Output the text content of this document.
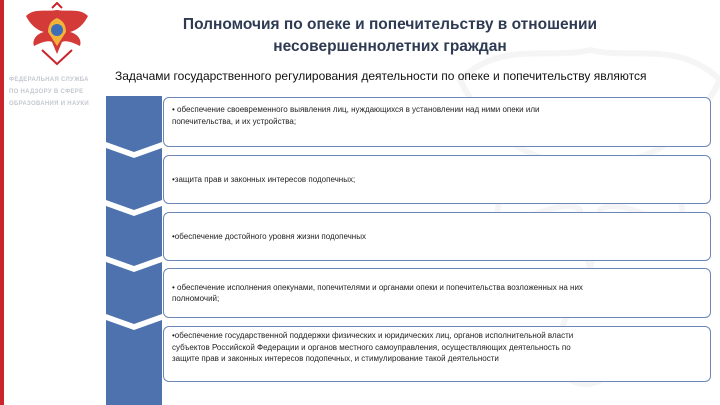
ФЕДЕРАЛЬНАЯ СЛУЖБА
ПО НАДЗОРУ В СФЕРЕ
ОБРАЗОВАНИЯ И НАУКИ
Полномочия по опеке и попечительству в отношении
несовершеннолетних граждан
Задачами государственного регулирования деятельности по опеке и попечительству являются
• обеспечение своевременного выявления лиц, нуждающихся в установлении над ними опеки или
попечительства, и их устройства;
•защита прав и законных интересов подопечных;
•обеспечение достойного уровня жизни подопечных
• обеспечение исполнения опекунами, попечителями и органами опеки и попечительства возложенных на них
полномочий;
•обеспечение государственной поддержки физических и юридических лиц, органов исполнительной власти
субъектов Российской Федерации и органов местного самоуправления, осуществляющих деятельность по
защите прав и законных интересов подопечных, и стимулирование такой деятельности
